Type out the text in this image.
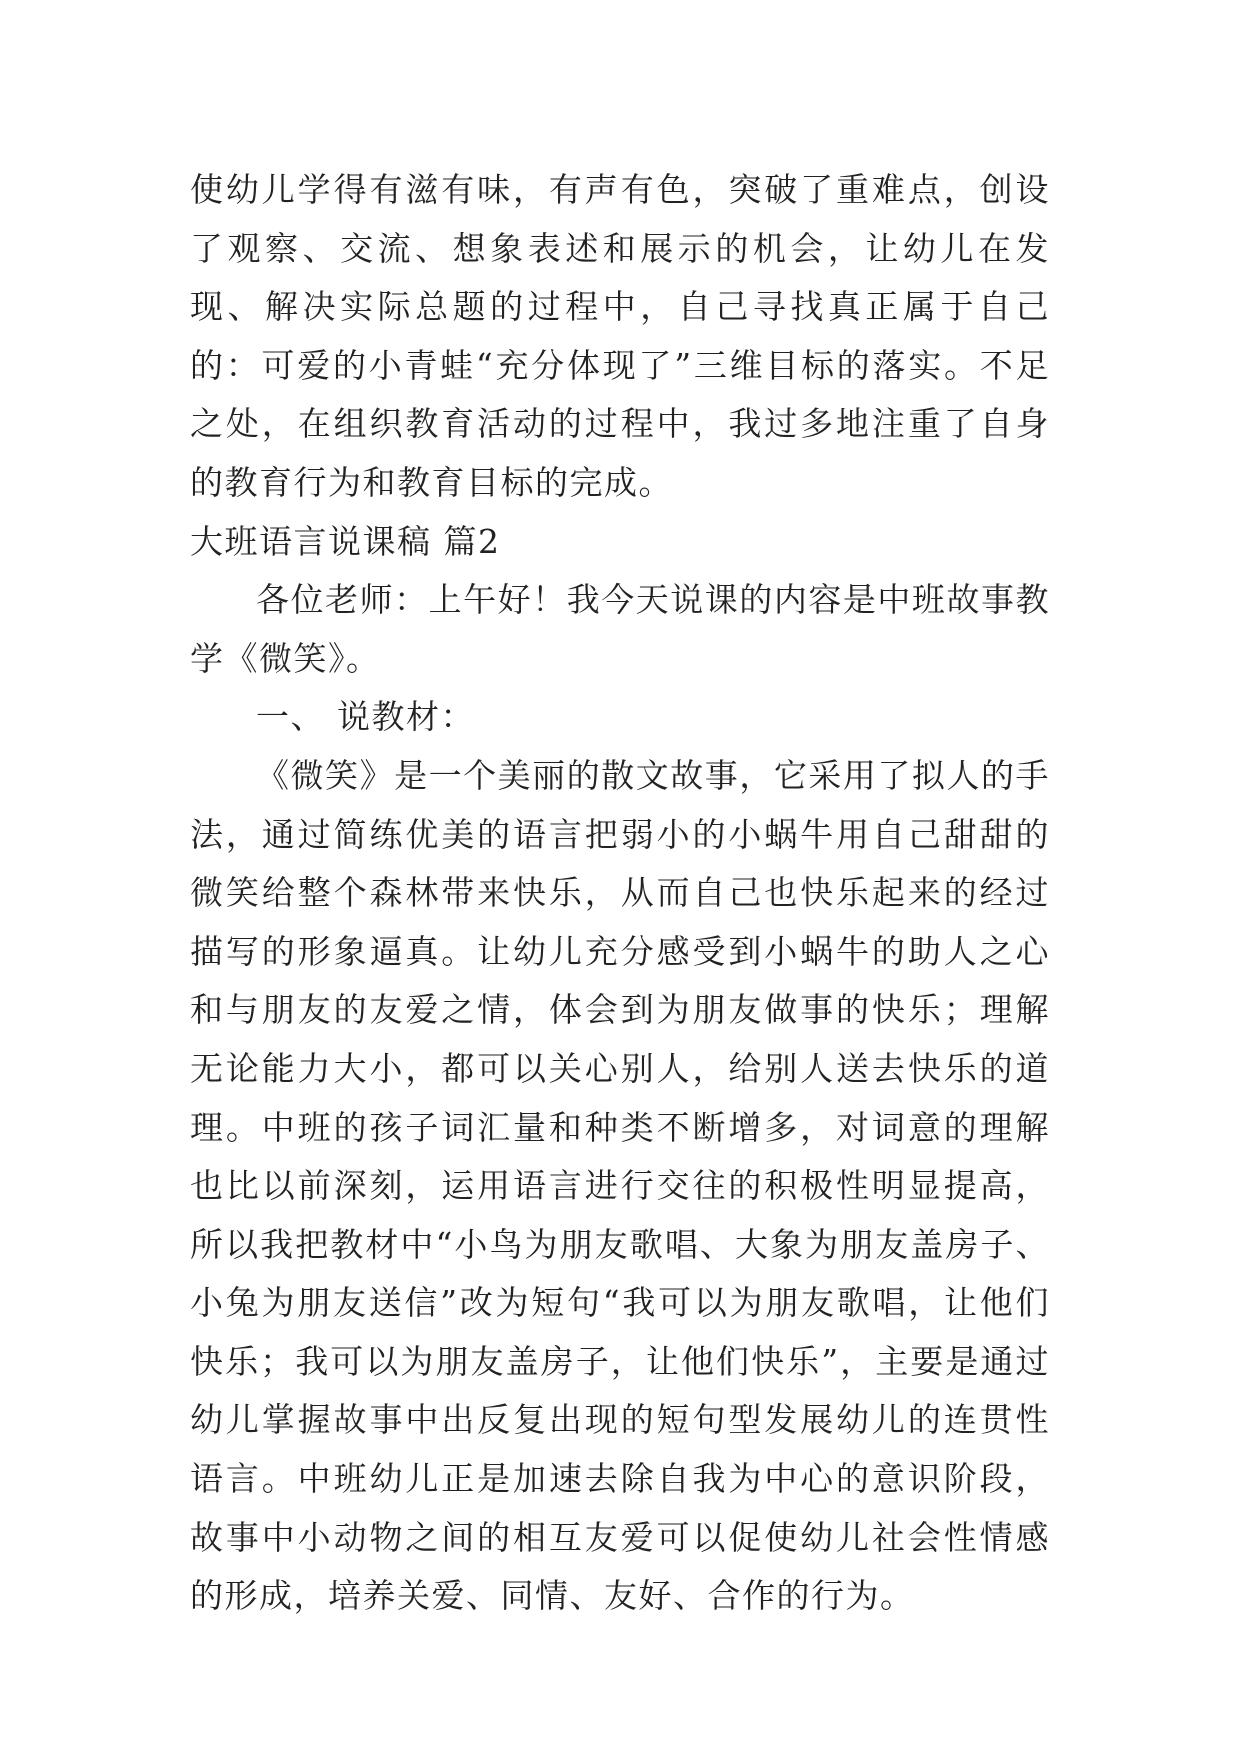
使幼儿学得有滋有味，有声有色，突破了重难点，创设了观察、交流、想象表述和展示的机会，让幼儿在发现、解决实际总题的过程中，自己寻找真正属于自己的：可爱的小青蛙“充分体现了”三维目标的落实。不足之处，在组织教育活动的过程中，我过多地注重了自身的教育行为和教育目标的完成。

大班语言说课稿 篇2

各位老师：上午好！我今天说课的内容是中班故事教学《微笑》。

一、 说教材：

《微笑》是一个美丽的散文故事，它采用了拟人的手法，通过简练优美的语言把弱小的小蜗牛用自己甜甜的微笑给整个森林带来快乐，从而自己也快乐起来的经过描写的形象逼真。让幼儿充分感受到小蜗牛的助人之心和与朋友的友爱之情，体会到为朋友做事的快乐；理解无论能力大小，都可以关心别人，给别人送去快乐的道理。中班的孩子词汇量和种类不断增多，对词意的理解也比以前深刻，运用语言进行交往的积极性明显提高，所以我把教材中“小鸟为朋友歌唱、大象为朋友盖房子、小兔为朋友送信”改为短句“我可以为朋友歌唱，让他们快乐；我可以为朋友盖房子，让他们快乐”，主要是通过幼儿掌握故事中出反复出现的短句型发展幼儿的连贯性语言。中班幼儿正是加速去除自我为中心的意识阶段，故事中小动物之间的相互友爱可以促使幼儿社会性情感的形成，培养关爱、同情、友好、合作的行为。
